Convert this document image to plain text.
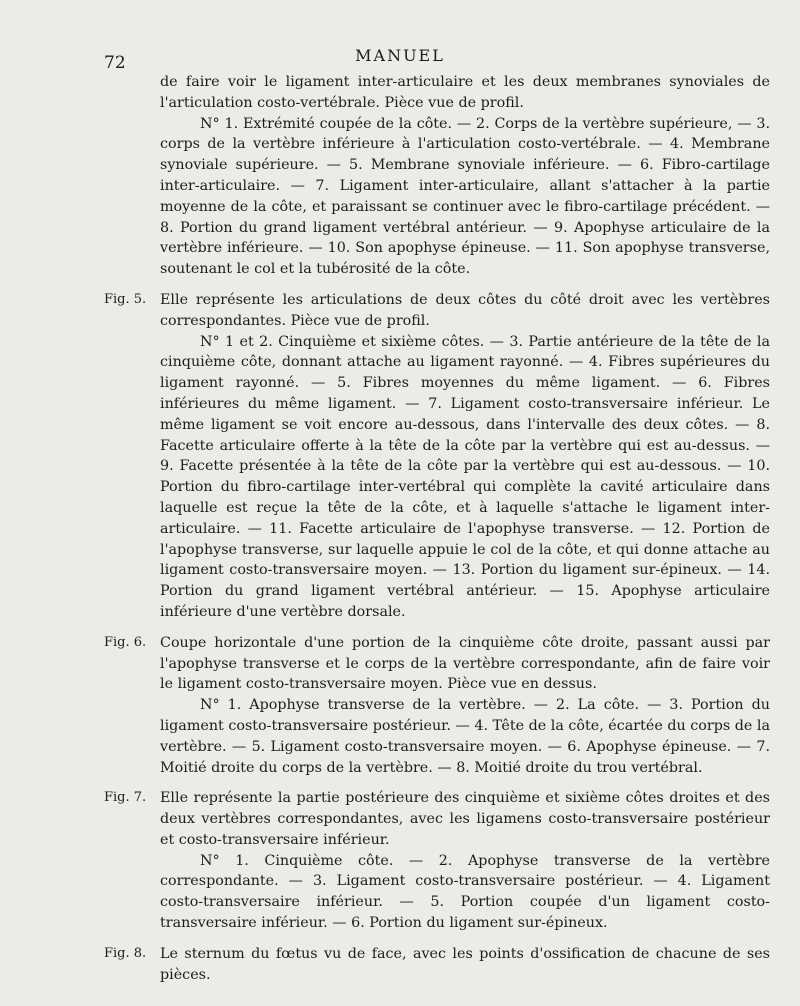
72	MANUEL

de faire voir le ligament inter-articulaire et les deux membranes synoviales de l'articulation costo-vertébrale. Pièce vue de profil.

N° 1. Extrémité coupée de la côte. — 2. Corps de la vertèbre supérieure, — 3. corps de la vertèbre inférieure à l'articulation costo-vertébrale. — 4. Membrane synoviale supérieure. — 5. Membrane synoviale inférieure. — 6. Fibro-cartilage inter-articulaire. — 7. Ligament inter-articulaire, allant s'attacher à la partie moyenne de la côte, et paraissant se continuer avec le fibro-cartilage précédent. — 8. Portion du grand ligament vertébral antérieur. — 9. Apophyse articulaire de la vertèbre inférieure. — 10. Son apophyse épineuse. — 11. Son apophyse transverse, soutenant le col et la tubérosité de la côte.

Fig. 5. Elle représente les articulations de deux côtes du côté droit avec les vertèbres correspondantes. Pièce vue de profil.

N° 1 et 2. Cinquième et sixième côtes. — 3. Partie antérieure de la tête de la cinquième côte, donnant attache au ligament rayonné. — 4. Fibres supérieures du ligament rayonné. — 5. Fibres moyennes du même ligament. — 6. Fibres inférieures du même ligament. — 7. Ligament costo-transversaire inférieur. Le même ligament se voit encore au-dessous, dans l'intervalle des deux côtes. — 8. Facette articulaire offerte à la tête de la côte par la vertèbre qui est au-dessus. — 9. Facette présentée à la tête de la côte par la vertèbre qui est au-dessous. — 10. Portion du fibro-cartilage inter-vertébral qui complète la cavité articulaire dans laquelle est reçue la tête de la côte, et à laquelle s'attache le ligament inter-articulaire. — 11. Facette articulaire de l'apophyse transverse. — 12. Portion de l'apophyse transverse, sur laquelle appuie le col de la côte, et qui donne attache au ligament costo-transversaire moyen. — 13. Portion du ligament sur-épineux. — 14. Portion du grand ligament vertébral antérieur. — 15. Apophyse articulaire inférieure d'une vertèbre dorsale.

Fig. 6. Coupe horizontale d'une portion de la cinquième côte droite, passant aussi par l'apophyse transverse et le corps de la vertèbre correspondante, afin de faire voir le ligament costo-transversaire moyen. Pièce vue en dessus.

N° 1. Apophyse transverse de la vertèbre. — 2. La côte. — 3. Portion du ligament costo-transversaire postérieur. — 4. Tête de la côte, écartée du corps de la vertèbre. — 5. Ligament costo-transversaire moyen. — 6. Apophyse épineuse. — 7. Moitié droite du corps de la vertèbre. — 8. Moitié droite du trou vertébral.

Fig. 7. Elle représente la partie postérieure des cinquième et sixième côtes droites et des deux vertèbres correspondantes, avec les ligamens costo-transversaire postérieur et costo-transversaire inférieur.

N° 1. Cinquième côte. — 2. Apophyse transverse de la vertèbre correspondante. — 3. Ligament costo-transversaire postérieur. — 4. Ligament costo-transversaire inférieur. — 5. Portion coupée d'un ligament costo-transversaire inférieur. — 6. Portion du ligament sur-épineux.

Fig. 8. Le sternum du fœtus vu de face, avec les points d'ossification de chacune de ses pièces.
